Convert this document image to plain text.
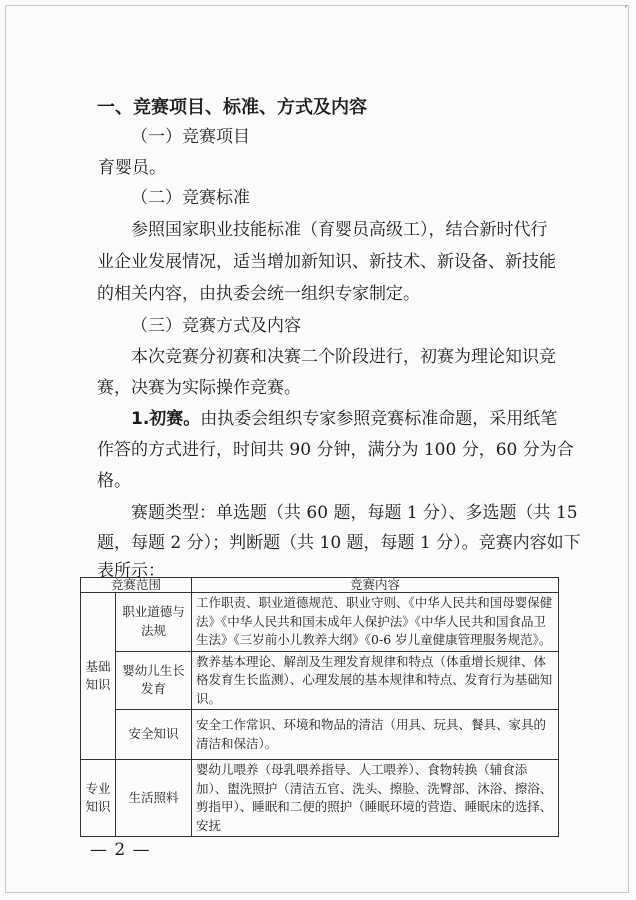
´
一、竞赛项目、标准、方式及内容
（一）竞赛项目
育婴员。
（二）竞赛标准
参照国家职业技能标准（育婴员高级工），结合新时代行
业企业发展情况，适当增加新知识、新技术、新设备、新技能
的相关内容，由执委会统一组织专家制定。
（三）竞赛方式及内容
本次竞赛分初赛和决赛二个阶段进行，初赛为理论知识竞
赛，决赛为实际操作竞赛。
1.初赛。由执委会组织专家参照竞赛标准命题，采用纸笔
作答的方式进行，时间共 90 分钟，满分为 100 分，60 分为合
格。
赛题类型：单选题（共 60 题，每题 1 分）、多选题（共 15
题，每题 2 分）；判断题（共 10 题，每题 1 分）。竞赛内容如下
表所示：
竞赛范围		竞赛内容
基础知识	职业道德与法规	工作职责、职业道德规范、职业守则、《中华人民共和国母婴保健法》《中华人民共和国未成年人保护法》《中华人民共和国食品卫生法》《三岁前小儿教养大纲》《0-6 岁儿童健康管理服务规范》。
	婴幼儿生长发育	教养基本理论、解剖及生理发育规律和特点（体重增长规律、体格发育生长监测）、心理发展的基本规律和特点、发育行为基础知识。
	安全知识	安全工作常识、环境和物品的清洁（用具、玩具、餐具、家具的清洁和保洁）。
专业知识	生活照料	婴幼儿喂养（母乳喂养指导、人工喂养）、食物转换（辅食添加）、盥洗照护（清洁五官、洗头、擦脸、洗臀部、沐浴、擦浴、剪指甲）、睡眠和二便的照护（睡眠环境的营造、睡眠床的选择、安抚
— 2 —
